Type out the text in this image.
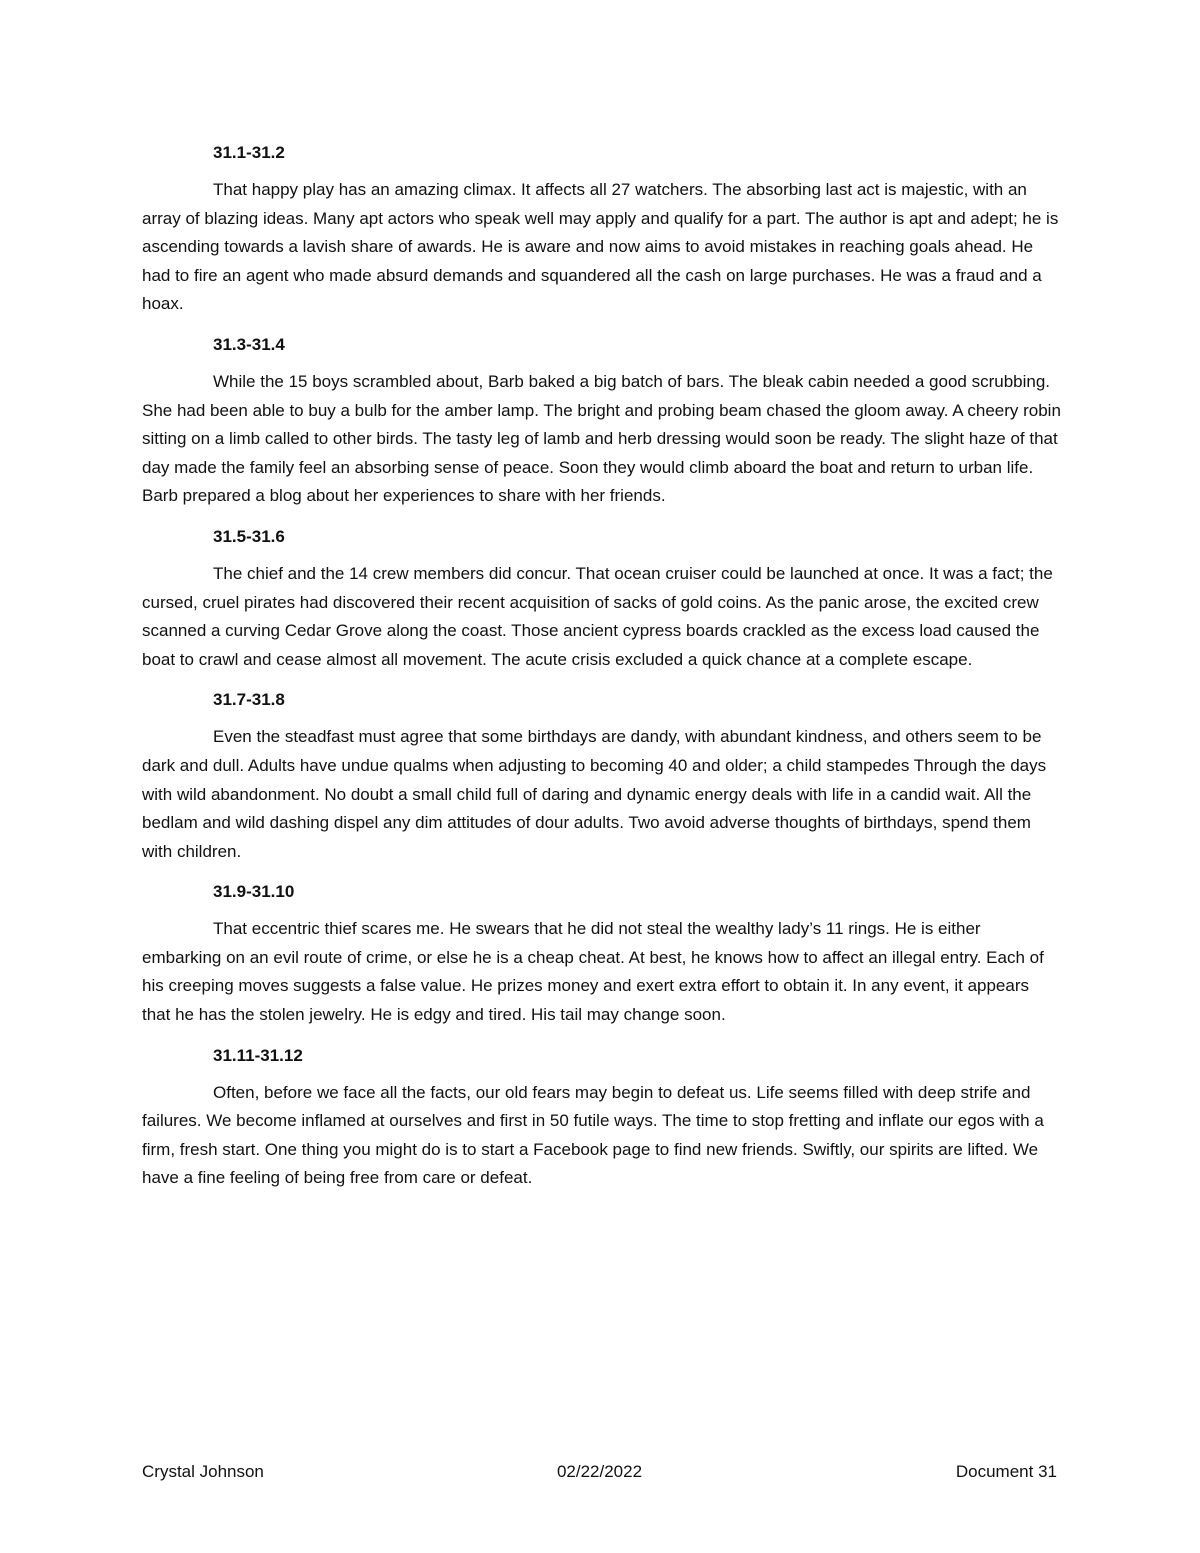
31.1-31.2

That happy play has an amazing climax. It affects all 27 watchers. The absorbing last act is majestic, with an array of blazing ideas. Many apt actors who speak well may apply and qualify for a part. The author is apt and adept; he is ascending towards a lavish share of awards. He is aware and now aims to avoid mistakes in reaching goals ahead. He had to fire an agent who made absurd demands and squandered all the cash on large purchases. He was a fraud and a hoax.

31.3-31.4

While the 15 boys scrambled about, Barb baked a big batch of bars. The bleak cabin needed a good scrubbing. She had been able to buy a bulb for the amber lamp. The bright and probing beam chased the gloom away. A cheery robin sitting on a limb called to other birds. The tasty leg of lamb and herb dressing would soon be ready. The slight haze of that day made the family feel an absorbing sense of peace. Soon they would climb aboard the boat and return to urban life. Barb prepared a blog about her experiences to share with her friends.

31.5-31.6

The chief and the 14 crew members did concur. That ocean cruiser could be launched at once. It was a fact; the cursed, cruel pirates had discovered their recent acquisition of sacks of gold coins. As the panic arose, the excited crew scanned a curving Cedar Grove along the coast. Those ancient cypress boards crackled as the excess load caused the boat to crawl and cease almost all movement. The acute crisis excluded a quick chance at a complete escape.

31.7-31.8

Even the steadfast must agree that some birthdays are dandy, with abundant kindness, and others seem to be dark and dull. Adults have undue qualms when adjusting to becoming 40 and older; a child stampedes Through the days with wild abandonment. No doubt a small child full of daring and dynamic energy deals with life in a candid wait. All the bedlam and wild dashing dispel any dim attitudes of dour adults. Two avoid adverse thoughts of birthdays, spend them with children.

31.9-31.10

That eccentric thief scares me. He swears that he did not steal the wealthy lady’s 11 rings. He is either embarking on an evil route of crime, or else he is a cheap cheat. At best, he knows how to affect an illegal entry. Each of his creeping moves suggests a false value. He prizes money and exert extra effort to obtain it. In any event, it appears that he has the stolen jewelry. He is edgy and tired. His tail may change soon.

31.11-31.12

Often, before we face all the facts, our old fears may begin to defeat us. Life seems filled with deep strife and failures. We become inflamed at ourselves and first in 50 futile ways. The time to stop fretting and inflate our egos with a firm, fresh start. One thing you might do is to start a Facebook page to find new friends. Swiftly, our spirits are lifted. We have a fine feeling of being free from care or defeat.

Crystal Johnson	02/22/2022	Document 31
